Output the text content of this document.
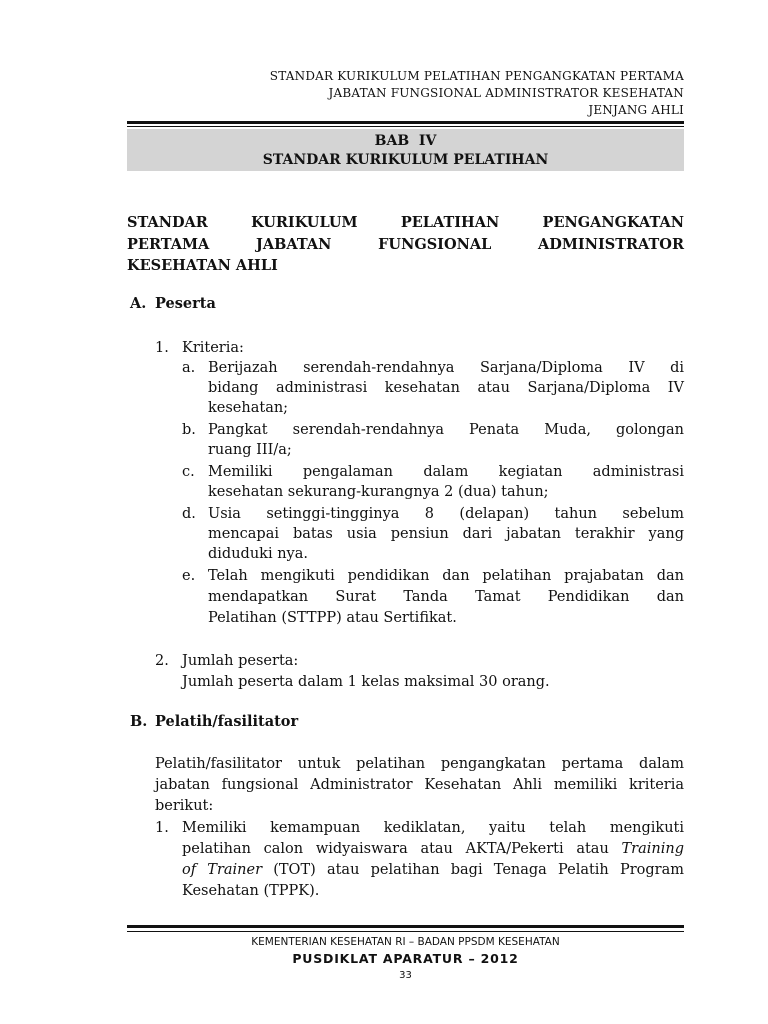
STANDAR KURIKULUM PELATIHAN PENGANGKATAN PERTAMA
JABATAN FUNGSIONAL ADMINISTRATOR KESEHATAN
JENJANG AHLI
BAB  IV
STANDAR KURIKULUM PELATIHAN
STANDAR KURIKULUM PELATIHAN PENGANGKATAN
PERTAMA JABATAN FUNGSIONAL ADMINISTRATOR
KESEHATAN AHLI
A. Peserta
1. Kriteria:
a. Berijazah serendah-rendahnya Sarjana/Diploma IV di
bidang administrasi kesehatan atau Sarjana/Diploma IV
kesehatan;
b. Pangkat serendah-rendahnya Penata Muda, golongan
ruang III/a;
c. Memiliki pengalaman dalam kegiatan administrasi
kesehatan sekurang-kurangnya 2 (dua) tahun;
d. Usia setinggi-tingginya 8 (delapan) tahun sebelum
mencapai batas usia pensiun dari jabatan terakhir yang
diduduki nya.
e. Telah mengikuti pendidikan dan pelatihan prajabatan dan
mendapatkan Surat Tanda Tamat Pendidikan dan
Pelatihan (STTPP) atau Sertifikat.
2. Jumlah peserta:
Jumlah peserta dalam 1 kelas maksimal 30 orang.
B. Pelatih/fasilitator
Pelatih/fasilitator untuk pelatihan pengangkatan pertama dalam
jabatan fungsional Administrator Kesehatan Ahli memiliki kriteria
berikut:
1. Memiliki kemampuan kediklatan, yaitu telah mengikuti
pelatihan calon widyaiswara atau AKTA/Pekerti atau Training
of Trainer (TOT) atau pelatihan bagi Tenaga Pelatih Program
Kesehatan (TPPK).
KEMENTERIAN KESEHATAN RI – BADAN PPSDM KESEHATAN
PUSDIKLAT APARATUR – 2012
33
